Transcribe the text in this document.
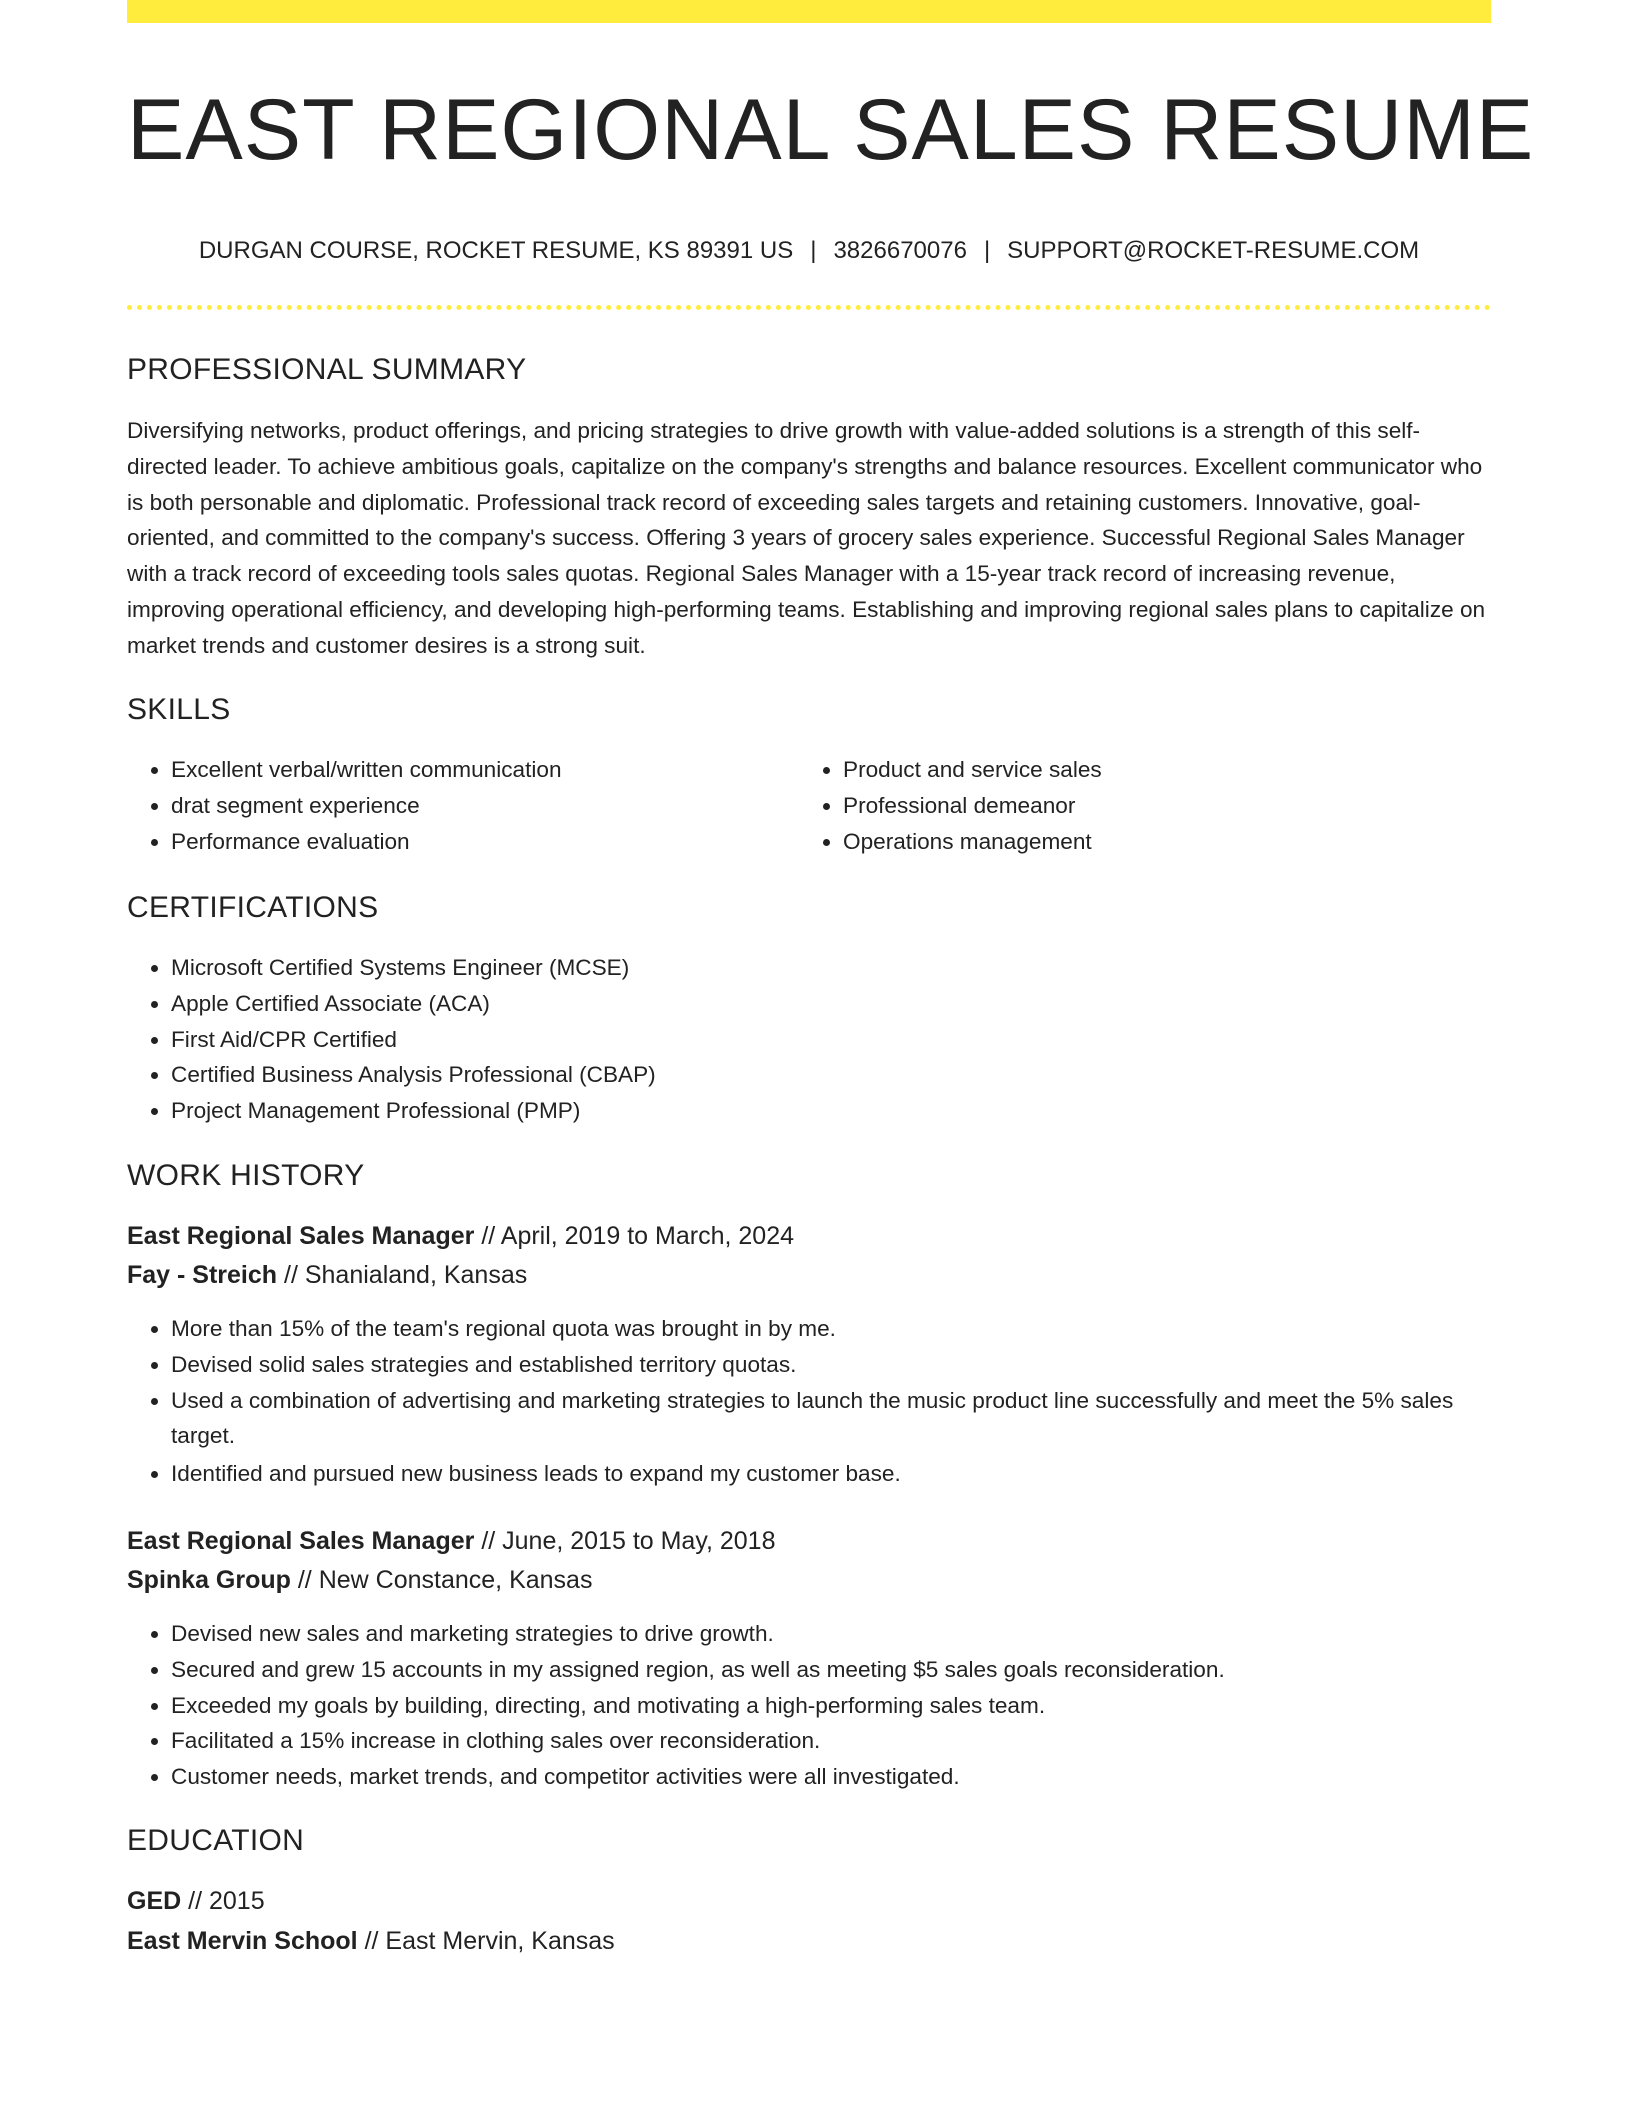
EAST REGIONAL SALES RESUME
DURGAN COURSE, ROCKET RESUME, KS 89391 US | 3826670076 | SUPPORT@ROCKET-RESUME.COM
PROFESSIONAL SUMMARY
Diversifying networks, product offerings, and pricing strategies to drive growth with value-added solutions is a strength of this self-directed leader. To achieve ambitious goals, capitalize on the company's strengths and balance resources. Excellent communicator who is both personable and diplomatic. Professional track record of exceeding sales targets and retaining customers. Innovative, goal-oriented, and committed to the company's success. Offering 3 years of grocery sales experience. Successful Regional Sales Manager with a track record of exceeding tools sales quotas. Regional Sales Manager with a 15-year track record of increasing revenue, improving operational efficiency, and developing high-performing teams. Establishing and improving regional sales plans to capitalize on market trends and customer desires is a strong suit.
SKILLS
• Excellent verbal/written communication
• drat segment experience
• Performance evaluation
• Product and service sales
• Professional demeanor
• Operations management
CERTIFICATIONS
• Microsoft Certified Systems Engineer (MCSE)
• Apple Certified Associate (ACA)
• First Aid/CPR Certified
• Certified Business Analysis Professional (CBAP)
• Project Management Professional (PMP)
WORK HISTORY
East Regional Sales Manager // April, 2019 to March, 2024
Fay - Streich // Shanialand, Kansas
• More than 15% of the team's regional quota was brought in by me.
• Devised solid sales strategies and established territory quotas.
• Used a combination of advertising and marketing strategies to launch the music product line successfully and meet the 5% sales target.
• Identified and pursued new business leads to expand my customer base.
East Regional Sales Manager // June, 2015 to May, 2018
Spinka Group // New Constance, Kansas
• Devised new sales and marketing strategies to drive growth.
• Secured and grew 15 accounts in my assigned region, as well as meeting $5 sales goals reconsideration.
• Exceeded my goals by building, directing, and motivating a high-performing sales team.
• Facilitated a 15% increase in clothing sales over reconsideration.
• Customer needs, market trends, and competitor activities were all investigated.
EDUCATION
GED // 2015
East Mervin School // East Mervin, Kansas
